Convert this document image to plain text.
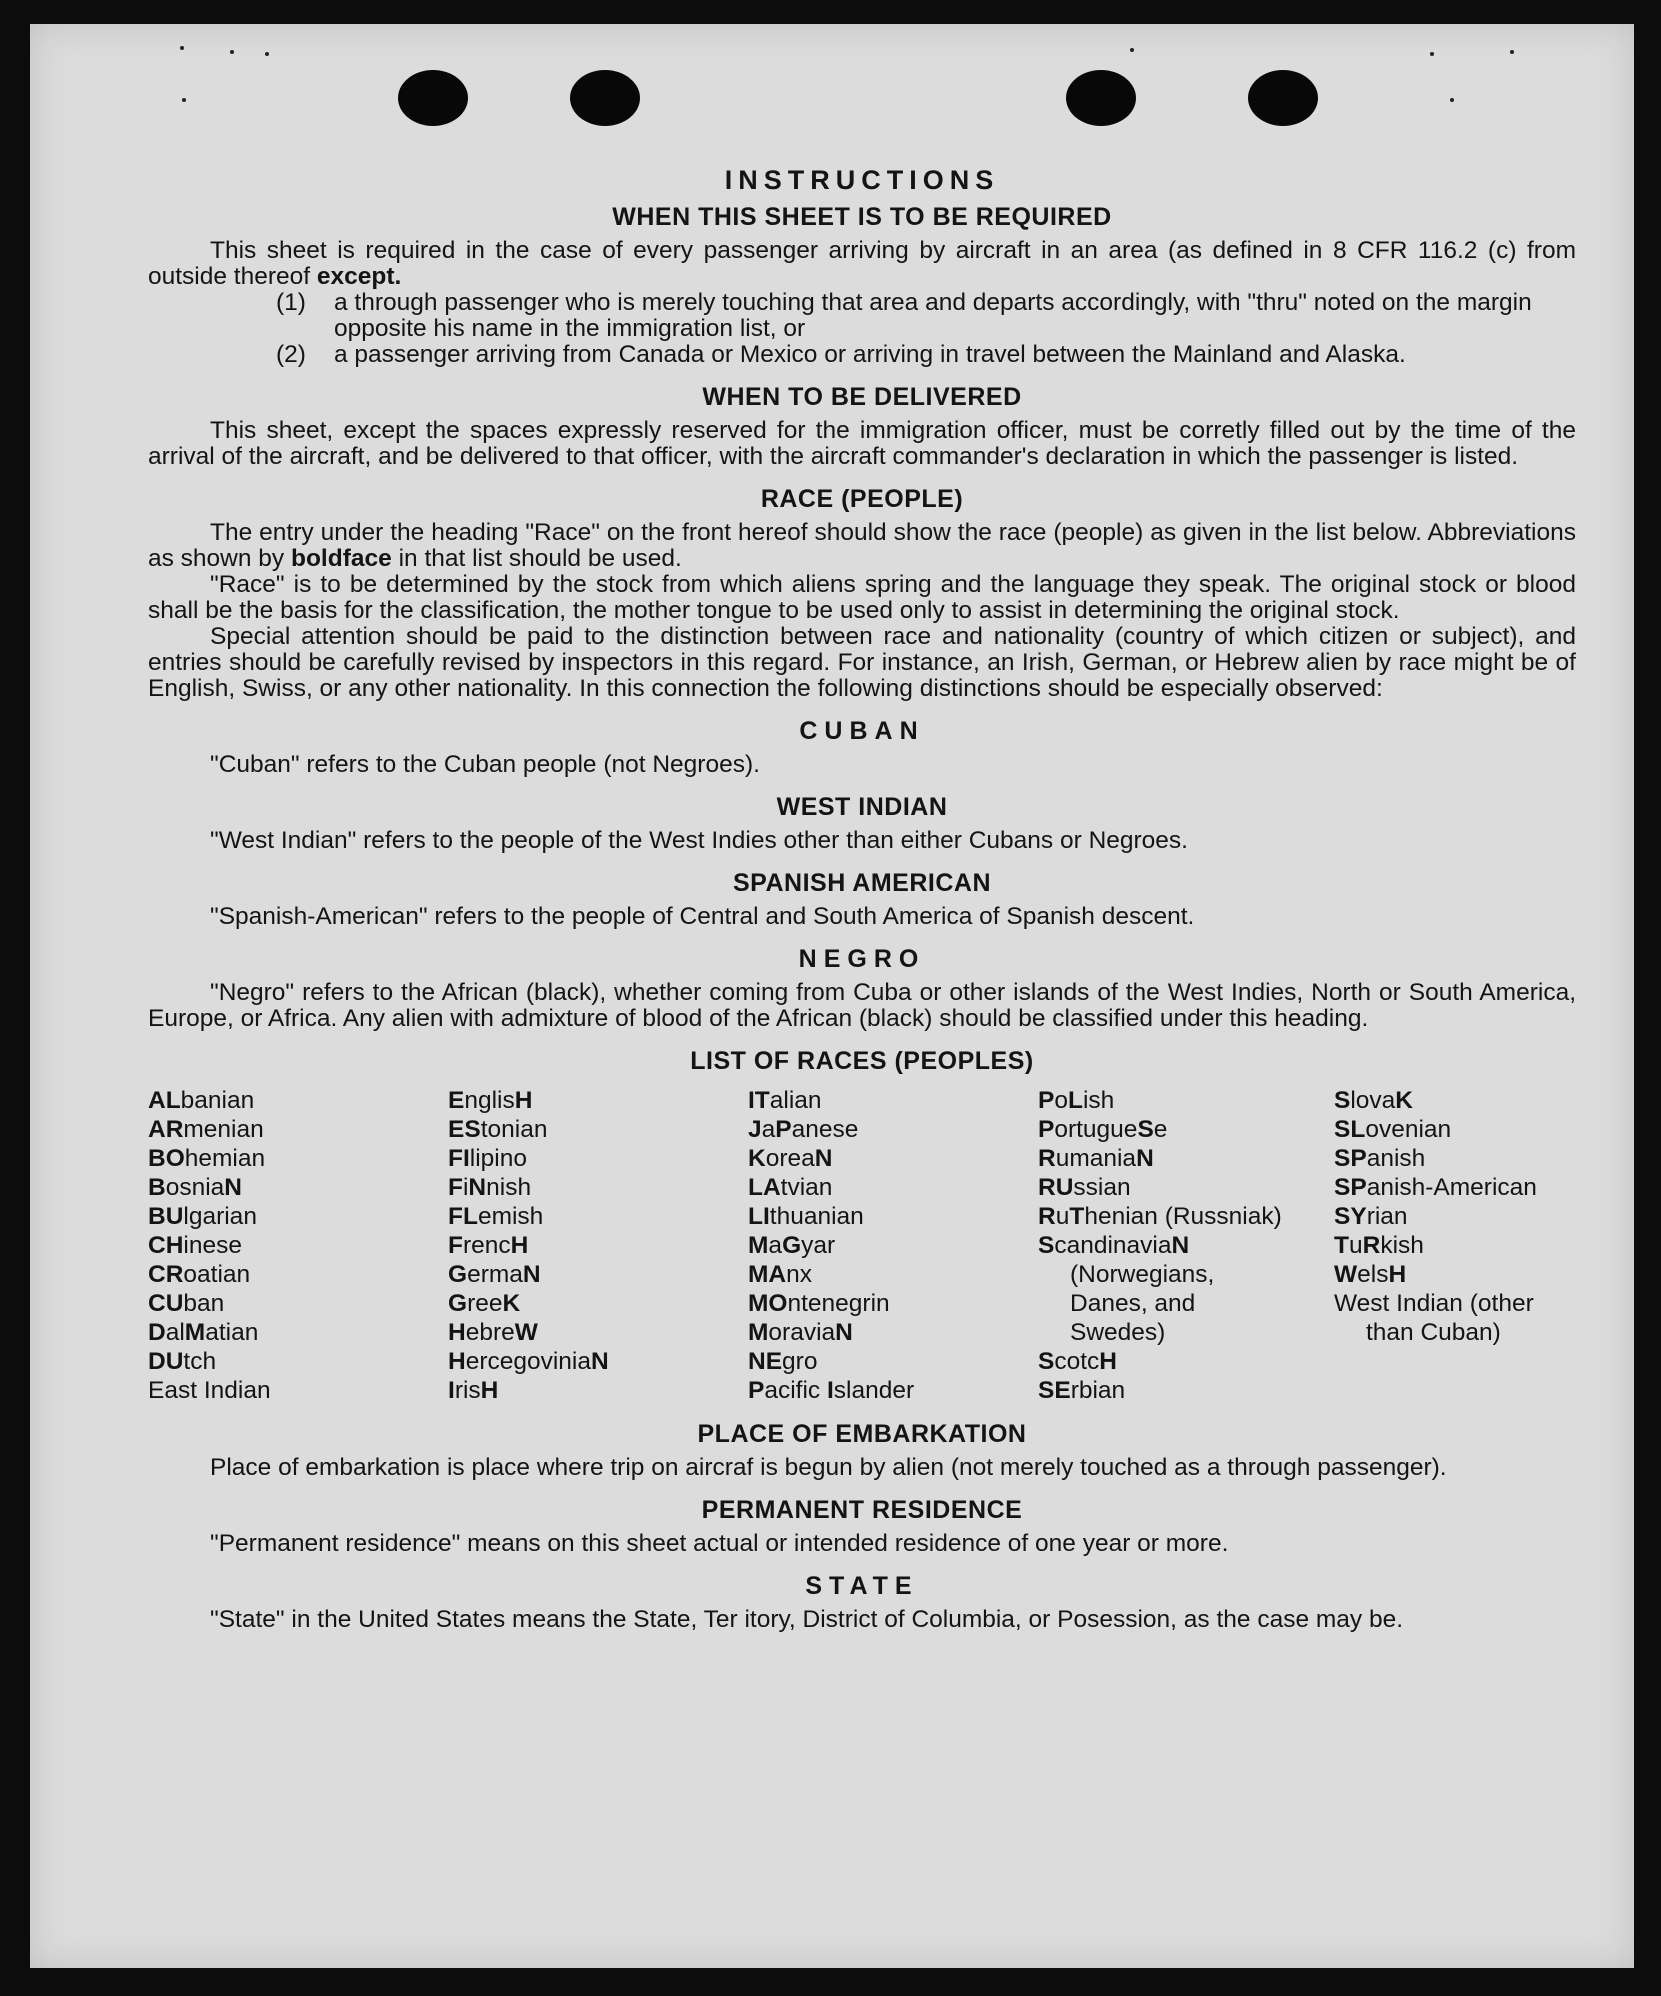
INSTRUCTIONS
WHEN THIS SHEET IS TO BE REQUIRED

This sheet is required in the case of every passenger arriving by aircraft in an area (as defined in 8 CFR 116.2 (c) from outside thereof except.

(1)	a through passenger who is merely touching that area and departs accordingly, with "thru" noted on the margin opposite his name in the immigration list, or
(2)	a passenger arriving from Canada or Mexico or arriving in travel between the Mainland and Alaska.
WHEN TO BE DELIVERED

This sheet, except the spaces expressly reserved for the immigration officer, must be corretly filled out by the time of the arrival of the aircraft, and be delivered to that officer, with the aircraft commander's declaration in which the passenger is listed.

RACE (PEOPLE)

The entry under the heading "Race" on the front hereof should show the race (people) as given in the list below. Abbreviations as shown by boldface in that list should be used.

"Race" is to be determined by the stock from which aliens spring and the language they speak. The original stock or blood shall be the basis for the classification, the mother tongue to be used only to assist in determining the original stock.

Special attention should be paid to the distinction between race and nationality (country of which citizen or subject), and entries should be carefully revised by inspectors in this regard. For instance, an Irish, German, or Hebrew alien by race might be of English, Swiss, or any other nationality. In this connection the following distinctions should be especially observed:

CUBAN

"Cuban" refers to the Cuban people (not Negroes).

WEST INDIAN

"West Indian" refers to the people of the West Indies other than either Cubans or Negroes.

SPANISH AMERICAN

"Spanish-American" refers to the people of Central and South America of Spanish descent.

NEGRO

"Negro" refers to the African (black), whether coming from Cuba or other islands of the West Indies, North or South America, Europe, or Africa. Any alien with admixture of blood of the African (black) should be classified under this heading.

LIST OF RACES (PEOPLES)
ALbanian
ARmenian
BOhemian
BosniaN
BUlgarian
CHinese
CRoatian
CUban
DalMatian
DUtch
East Indian
EnglisH
EStonian
FIlipino
FiNnish
FLemish
FrencH
GermaN
GreeK
HebreW
HercegoviniaN
IrisH
ITalian
JaPanese
KoreaN
LAtvian
LIthuanian
MaGyar
MAnx
MOntenegrin
MoraviaN
NEgro
Pacific Islander
PoLish
PortugueSe
RumaniaN
RUssian
RuThenian (Russniak)
ScandinaviaN
(Norwegians,
Danes, and
Swedes)
ScotcH
SErbian
SlovaK
SLovenian
SPanish
SPanish-American
SYrian
TuRkish
WelsH
West Indian (other
than Cuban)
PLACE OF EMBARKATION

Place of embarkation is place where trip on aircraf is begun by alien (not merely touched as a through passenger).

PERMANENT RESIDENCE

"Permanent residence" means on this sheet actual or intended residence of one year or more.

STATE

"State" in the United States means the State, Ter itory, District of Columbia, or Posession, as the case may be.
